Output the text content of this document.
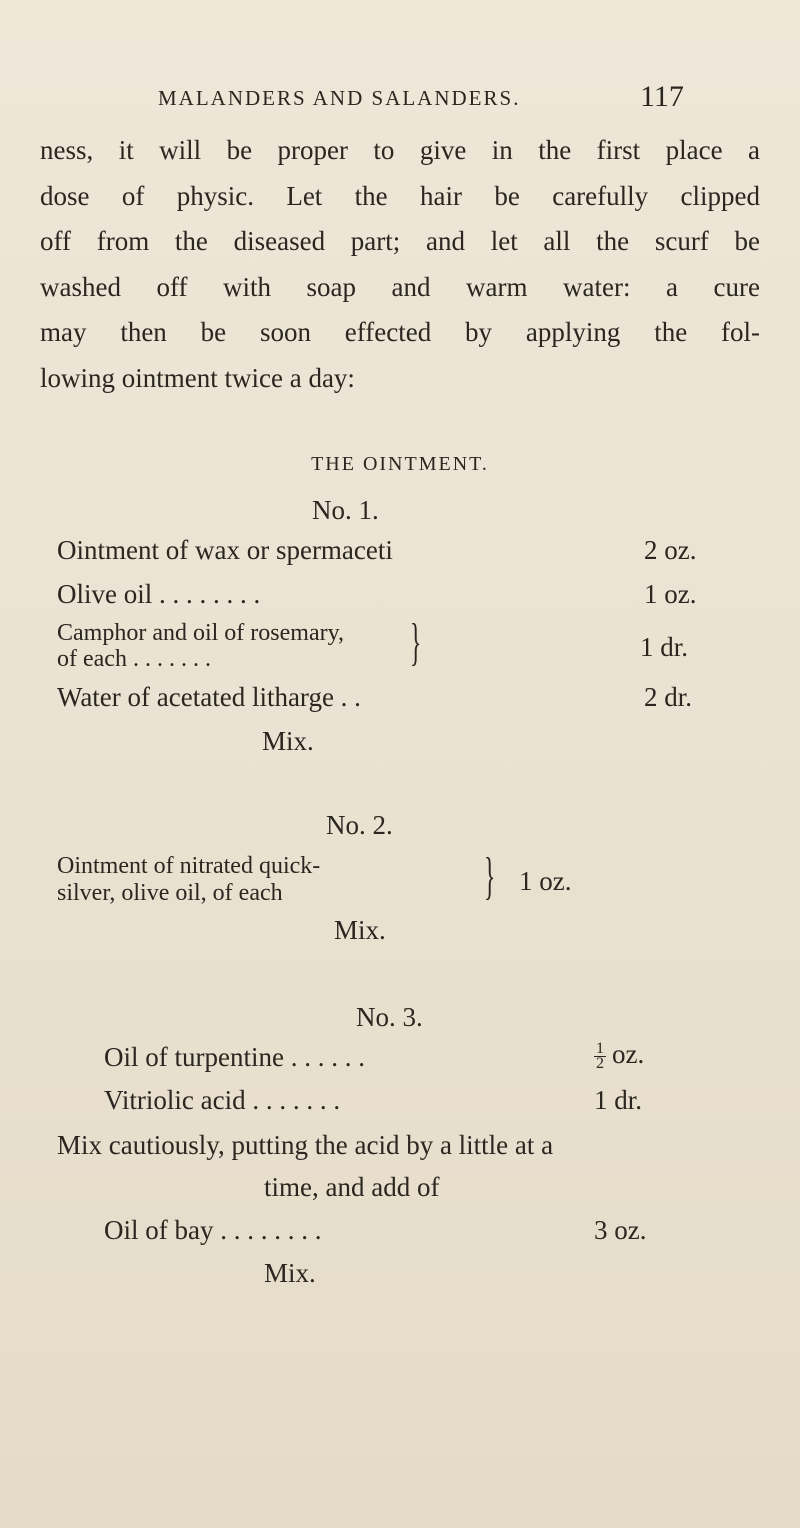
MALANDERS AND SALANDERS.	117
ness, it will be proper to give in the first place a
dose of physic. Let the hair be carefully clipped
off from the diseased part; and let all the scurf be
washed off with soap and warm water: a cure
may then be soon effected by applying the fol-
lowing ointment twice a day:
THE OINTMENT.
No. 1.
Ointment of wax or spermaceti	2 oz.
Olive oil . . . . . . . .	1 oz.
Camphor and oil of rosemary,
of each . . . . . . .	}	1 dr.
Water of acetated litharge . .	2 dr.
Mix.
No. 2.
Ointment of nitrated quick-
silver, olive oil, of each	} 1 oz.
Mix.
No. 3.
Oil of turpentine . . . . . .	$\frac{1}{2}$ oz.
Vitriolic acid . . . . . . .	1 dr.
Mix cautiously, putting the acid by a little at a
time, and add of
Oil of bay . . . . . . . .	3 oz.
Mix.
